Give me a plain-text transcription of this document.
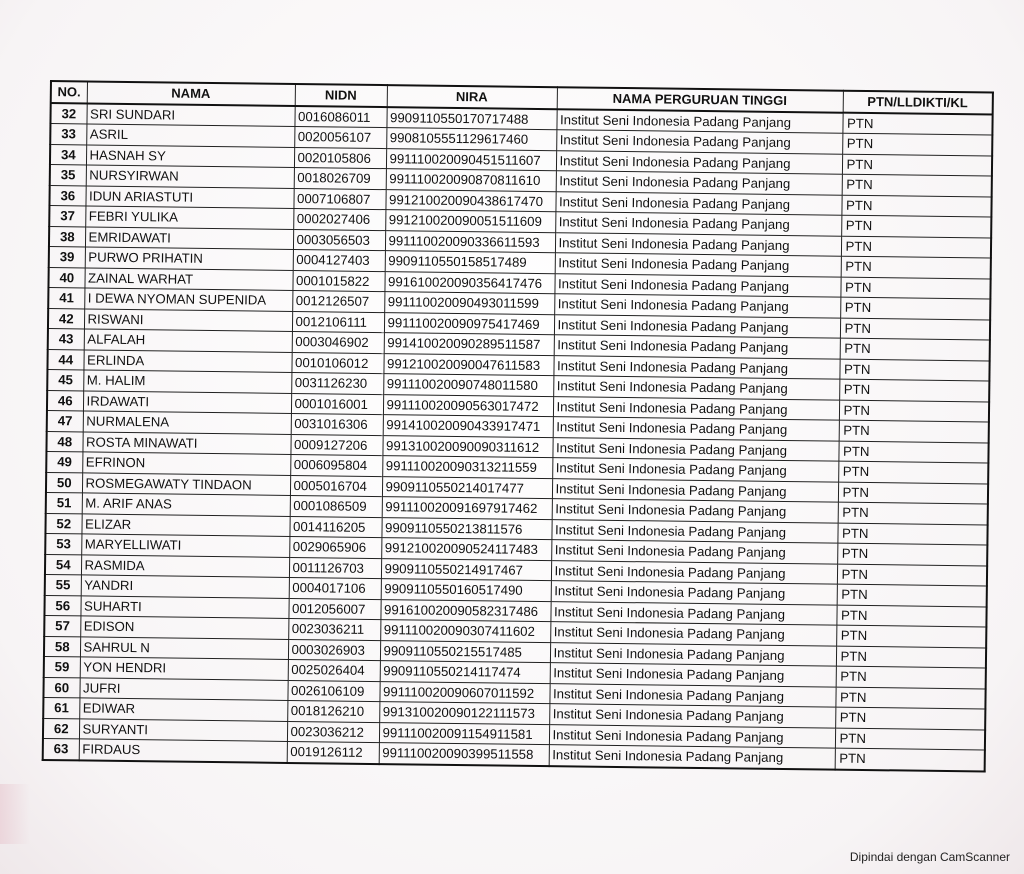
NO.	NAMA	NIDN	NIRA	NAMA PERGURUAN TINGGI	PTN/LLDIKTI/KL
32	SRI SUNDARI	0016086011	9909110550170717488	Institut Seni Indonesia Padang Panjang	PTN
33	ASRIL	0020056107	9908105551129617460	Institut Seni Indonesia Padang Panjang	PTN
34	HASNAH SY	0020105806	991110020090451511607	Institut Seni Indonesia Padang Panjang	PTN
35	NURSYIRWAN	0018026709	991110020090870811610	Institut Seni Indonesia Padang Panjang	PTN
36	IDUN ARIASTUTI	0007106807	991210020090438617470	Institut Seni Indonesia Padang Panjang	PTN
37	FEBRI YULIKA	0002027406	991210020090051511609	Institut Seni Indonesia Padang Panjang	PTN
38	EMRIDAWATI	0003056503	991110020090336611593	Institut Seni Indonesia Padang Panjang	PTN
39	PURWO PRIHATIN	0004127403	9909110550158517489	Institut Seni Indonesia Padang Panjang	PTN
40	ZAINAL WARHAT	0001015822	991610020090356417476	Institut Seni Indonesia Padang Panjang	PTN
41	I DEWA NYOMAN SUPENIDA	0012126507	991110020090493011599	Institut Seni Indonesia Padang Panjang	PTN
42	RISWANI	0012106111	991110020090975417469	Institut Seni Indonesia Padang Panjang	PTN
43	ALFALAH	0003046902	991410020090289511587	Institut Seni Indonesia Padang Panjang	PTN
44	ERLINDA	0010106012	991210020090047611583	Institut Seni Indonesia Padang Panjang	PTN
45	M. HALIM	0031126230	991110020090748011580	Institut Seni Indonesia Padang Panjang	PTN
46	IRDAWATI	0001016001	991110020090563017472	Institut Seni Indonesia Padang Panjang	PTN
47	NURMALENA	0031016306	991410020090433917471	Institut Seni Indonesia Padang Panjang	PTN
48	ROSTA MINAWATI	0009127206	991310020090090311612	Institut Seni Indonesia Padang Panjang	PTN
49	EFRINON	0006095804	991110020090313211559	Institut Seni Indonesia Padang Panjang	PTN
50	ROSMEGAWATY TINDAON	0005016704	9909110550214017477	Institut Seni Indonesia Padang Panjang	PTN
51	M. ARIF ANAS	0001086509	991110020091697917462	Institut Seni Indonesia Padang Panjang	PTN
52	ELIZAR	0014116205	9909110550213811576	Institut Seni Indonesia Padang Panjang	PTN
53	MARYELLIWATI	0029065906	991210020090524117483	Institut Seni Indonesia Padang Panjang	PTN
54	RASMIDA	0011126703	9909110550214917467	Institut Seni Indonesia Padang Panjang	PTN
55	YANDRI	0004017106	9909110550160517490	Institut Seni Indonesia Padang Panjang	PTN
56	SUHARTI	0012056007	991610020090582317486	Institut Seni Indonesia Padang Panjang	PTN
57	EDISON	0023036211	991110020090307411602	Institut Seni Indonesia Padang Panjang	PTN
58	SAHRUL N	0003026903	9909110550215517485	Institut Seni Indonesia Padang Panjang	PTN
59	YON HENDRI	0025026404	9909110550214117474	Institut Seni Indonesia Padang Panjang	PTN
60	JUFRI	0026106109	991110020090607011592	Institut Seni Indonesia Padang Panjang	PTN
61	EDIWAR	0018126210	991310020090122111573	Institut Seni Indonesia Padang Panjang	PTN
62	SURYANTI	0023036212	991110020091154911581	Institut Seni Indonesia Padang Panjang	PTN
63	FIRDAUS	0019126112	991110020090399511558	Institut Seni Indonesia Padang Panjang	PTN
Dipindai dengan CamScanner
